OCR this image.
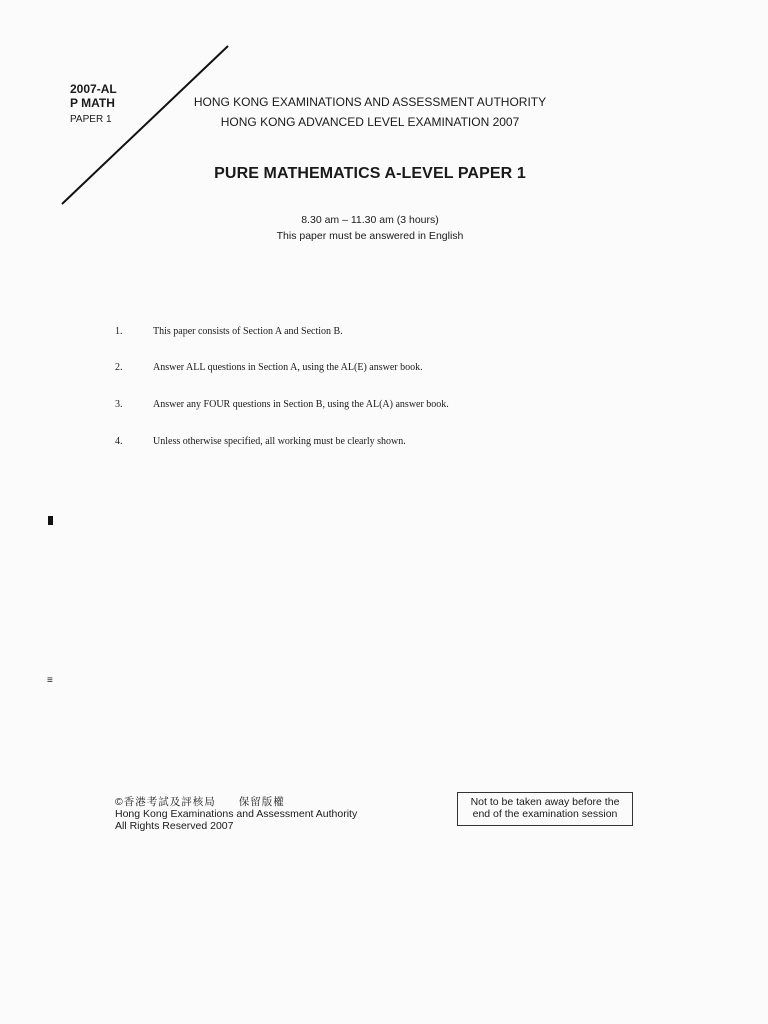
2007-AL
P MATH
PAPER 1
HONG KONG EXAMINATIONS AND ASSESSMENT AUTHORITY
HONG KONG ADVANCED LEVEL EXAMINATION 2007
PURE MATHEMATICS A-LEVEL PAPER 1
8.30 am – 11.30 am (3 hours)
This paper must be answered in English
1.	This paper consists of Section A and Section B.
2.	Answer ALL questions in Section A, using the AL(E) answer book.
3.	Answer any FOUR questions in Section B, using the AL(A) answer book.
4.	Unless otherwise specified, all working must be clearly shown.
≡
©香港考試及評核局　　保留版權
Hong Kong Examinations and Assessment Authority
All Rights Reserved 2007
Not to be taken away before the
end of the examination session
